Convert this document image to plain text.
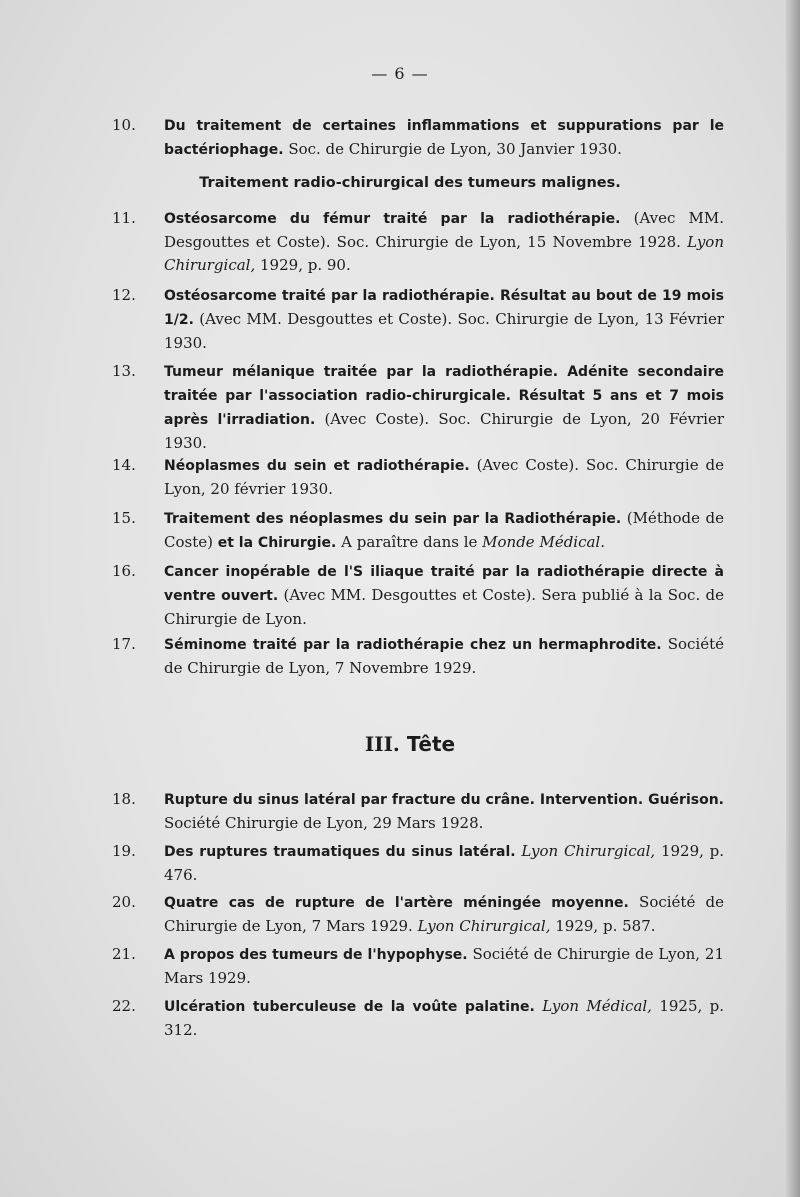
— 6 —
10.	Du traitement de certaines inflammations et suppurations par le bactériophage. Soc. de Chirurgie de Lyon, 30 Janvier 1930.
Traitement radio-chirurgical des tumeurs malignes.
11.	Ostéosarcome du fémur traité par la radiothérapie. (Avec MM. Desgouttes et Coste). Soc. Chirurgie de Lyon, 15 Novembre 1928. Lyon Chirurgical, 1929, p. 90.
12.	Ostéosarcome traité par la radiothérapie. Résultat au bout de 19 mois 1/2. (Avec MM. Desgouttes et Coste). Soc. Chirurgie de Lyon, 13 Février 1930.
13.	Tumeur mélanique traitée par la radiothérapie. Adénite secondaire traitée par l'association radio-chirurgicale. Résultat 5 ans et 7 mois après l'irradiation. (Avec Coste). Soc. Chirurgie de Lyon, 20 Février 1930.
14.	Néoplasmes du sein et radiothérapie. (Avec Coste). Soc. Chirurgie de Lyon, 20 février 1930.
15.	Traitement des néoplasmes du sein par la Radiothérapie. (Méthode de Coste) et la Chirurgie. A paraître dans le Monde Médical.
16.	Cancer inopérable de l'S iliaque traité par la radiothérapie directe à ventre ouvert. (Avec MM. Desgouttes et Coste). Sera publié à la Soc. de Chirurgie de Lyon.
17.	Séminome traité par la radiothérapie chez un hermaphrodite. Société de Chirurgie de Lyon, 7 Novembre 1929.
III. Tête
18.	Rupture du sinus latéral par fracture du crâne. Intervention. Guérison. Société Chirurgie de Lyon, 29 Mars 1928.
19.	Des ruptures traumatiques du sinus latéral. Lyon Chirurgical, 1929, p. 476.
20.	Quatre cas de rupture de l'artère méningée moyenne. Société de Chirurgie de Lyon, 7 Mars 1929. Lyon Chirurgical, 1929, p. 587.
21.	A propos des tumeurs de l'hypophyse. Société de Chirurgie de Lyon, 21 Mars 1929.
22.	Ulcération tuberculeuse de la voûte palatine. Lyon Médical, 1925, p. 312.
